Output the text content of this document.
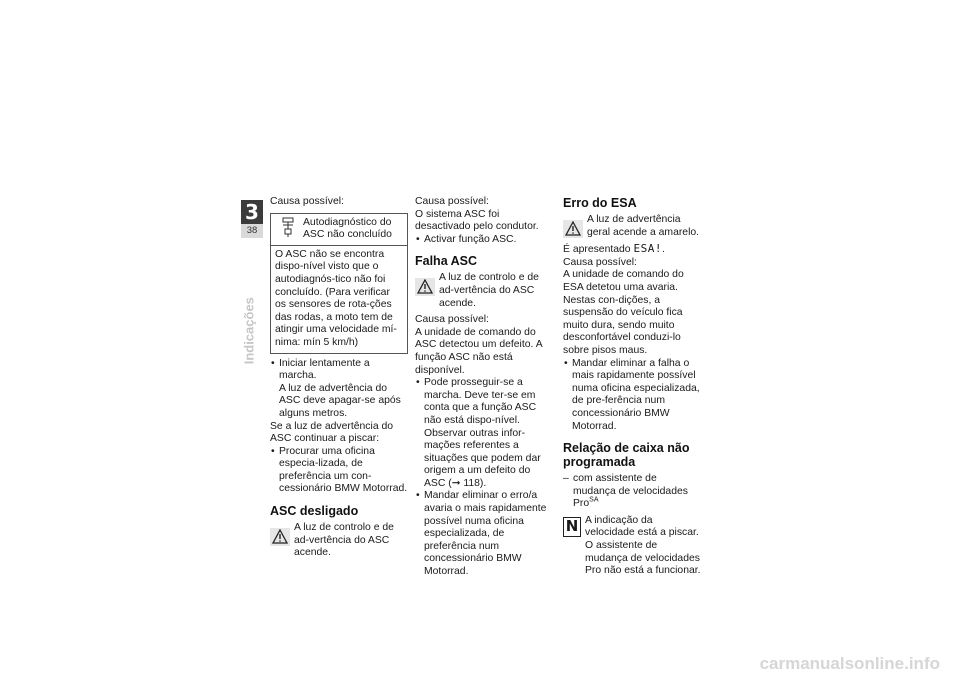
3
38
Indicações

Causa possível:

Autodiagnóstico do ASC não concluído
O ASC não se encontra dispo-nível visto que o autodiagnós-tico não foi concluído. (Para verificar os sensores de rota-ções das rodas, a moto tem de atingir uma velocidade mí-nima: mín 5 km/h)

• Iniciar lentamente a marcha.

A luz de advertência do ASC deve apagar-se após alguns metros.

Se a luz de advertência do ASC continuar a piscar:

• Procurar uma oficina especia-lizada, de preferência um con-cessionário BMW Motorrad.

ASC desligado

A luz de controlo e de ad-vertência do ASC acende.

Causa possível:

O sistema ASC foi desactivado pelo condutor.

• Activar função ASC.

Falha ASC

A luz de controlo e de ad-vertência do ASC acende.

Causa possível:

A unidade de comando do ASC detectou um defeito. A função ASC não está disponível.

• Pode prosseguir-se a marcha. Deve ter-se em conta que a função ASC não está dispo-nível. Observar outras infor-mações referentes a situações que podem dar origem a um defeito do ASC (➞ 118).

• Mandar eliminar o erro/a avaria o mais rapidamente possível numa oficina especializada, de preferência num concessionário BMW Motorrad.

Erro do ESA

A luz de advertência geral acende a amarelo.

É apresentado ESA!.

Causa possível:

A unidade de comando do ESA detetou uma avaria. Nestas con-dições, a suspensão do veículo fica muito dura, sendo muito desconfortável conduzi-lo sobre pisos maus.

• Mandar eliminar a falha o mais rapidamente possível numa oficina especializada, de pre-ferência num concessionário BMW Motorrad.

Relação de caixa não programada

– com assistente de mudança de velocidades Pro$^{SA}$

N A indicação da velocidade está a piscar. O assistente de mudança de velocidades Pro não está a funcionar.

carmanualsonline.info
